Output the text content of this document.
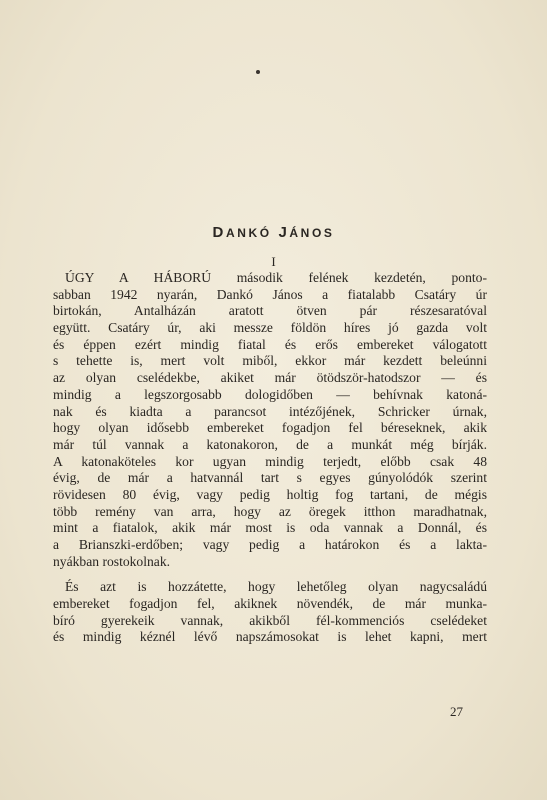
DANKÓ JÁNOS
I
ÚGY A HÁBORÚ második felének kezdetén, ponto-
sabban 1942 nyarán, Dankó János a fiatalabb Csatáry úr
birtokán, Antalházán aratott ötven pár részesaratóval
együtt. Csatáry úr, aki messze földön híres jó gazda volt
és éppen ezért mindig fiatal és erős embereket válogatott
s tehette is, mert volt miből, ekkor már kezdett beleúnni
az olyan cselédekbe, akiket már ötödször-hatodszor — és
mindig a legszorgosabb dologidőben — behívnak katoná-
nak és kiadta a parancsot intézőjének, Schricker úrnak,
hogy olyan idősebb embereket fogadjon fel béreseknek, akik
már túl vannak a katonakoron, de a munkát még bírják.
A katonaköteles kor ugyan mindig terjedt, előbb csak 48
évig, de már a hatvannál tart s egyes gúnyolódók szerint
rövidesen 80 évig, vagy pedig holtig fog tartani, de mégis
több remény van arra, hogy az öregek itthon maradhatnak,
mint a fiatalok, akik már most is oda vannak a Donnál, és
a Brianszki-erdőben; vagy pedig a határokon és a lakta-
nyákban rostokolnak.
És azt is hozzátette, hogy lehetőleg olyan nagycsaládú
embereket fogadjon fel, akiknek növendék, de már munka-
bíró gyerekeik vannak, akikből fél-kommenciós cselédeket
és mindig kéznél lévő napszámosokat is lehet kapni, mert
27
